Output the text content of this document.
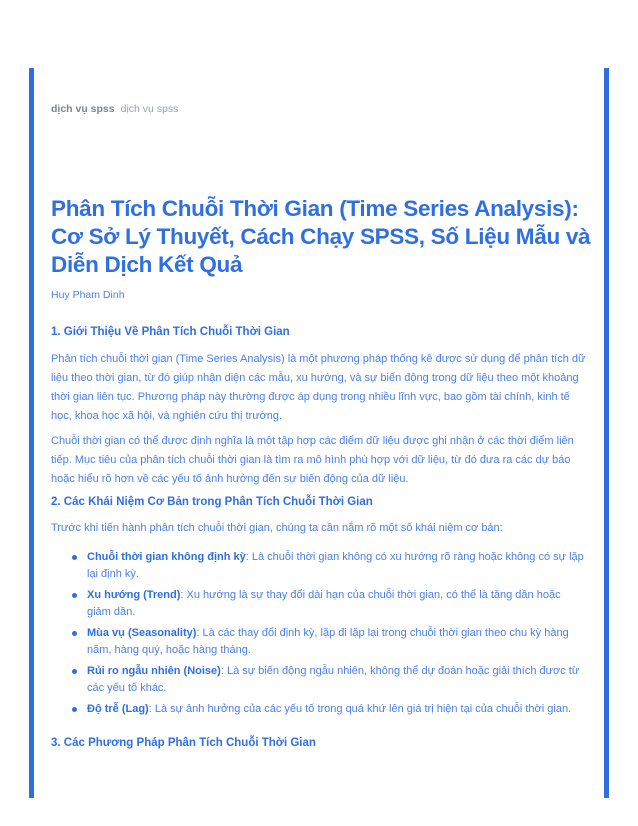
dịch vụ spss dịch vụ spss
Phân Tích Chuỗi Thời Gian (Time Series Analysis): Cơ Sở Lý Thuyết, Cách Chạy SPSS, Số Liệu Mẫu và Diễn Dịch Kết Quả
Huy Pham Dinh
1. Giới Thiệu Về Phân Tích Chuỗi Thời Gian

Phân tích chuỗi thời gian (Time Series Analysis) là một phương pháp thống kê được sử dụng để phân tích dữ liệu theo thời gian, từ đó giúp nhận diện các mẫu, xu hướng, và sự biến động trong dữ liệu theo một khoảng thời gian liên tục. Phương pháp này thường được áp dụng trong nhiều lĩnh vực, bao gồm tài chính, kinh tế học, khoa học xã hội, và nghiên cứu thị trường.

Chuỗi thời gian có thể được định nghĩa là một tập hợp các điểm dữ liệu được ghi nhận ở các thời điểm liên tiếp. Mục tiêu của phân tích chuỗi thời gian là tìm ra mô hình phù hợp với dữ liệu, từ đó đưa ra các dự báo hoặc hiểu rõ hơn về các yếu tố ảnh hưởng đến sự biến động của dữ liệu.

2. Các Khái Niệm Cơ Bản trong Phân Tích Chuỗi Thời Gian

Trước khi tiến hành phân tích chuỗi thời gian, chúng ta cần nắm rõ một số khái niệm cơ bản:

Chuỗi thời gian không định kỳ: Là chuỗi thời gian không có xu hướng rõ ràng hoặc không có sự lặp lại định kỳ.
Xu hướng (Trend): Xu hướng là sự thay đổi dài hạn của chuỗi thời gian, có thể là tăng dần hoặc giảm dần.
Mùa vụ (Seasonality): Là các thay đổi định kỳ, lặp đi lặp lại trong chuỗi thời gian theo chu kỳ hàng năm, hàng quý, hoặc hàng tháng.
Rủi ro ngẫu nhiên (Noise): Là sự biến động ngẫu nhiên, không thể dự đoán hoặc giải thích được từ các yếu tố khác.
Độ trễ (Lag): Là sự ảnh hưởng của các yếu tố trong quá khứ lên giá trị hiện tại của chuỗi thời gian.
3. Các Phương Pháp Phân Tích Chuỗi Thời Gian
